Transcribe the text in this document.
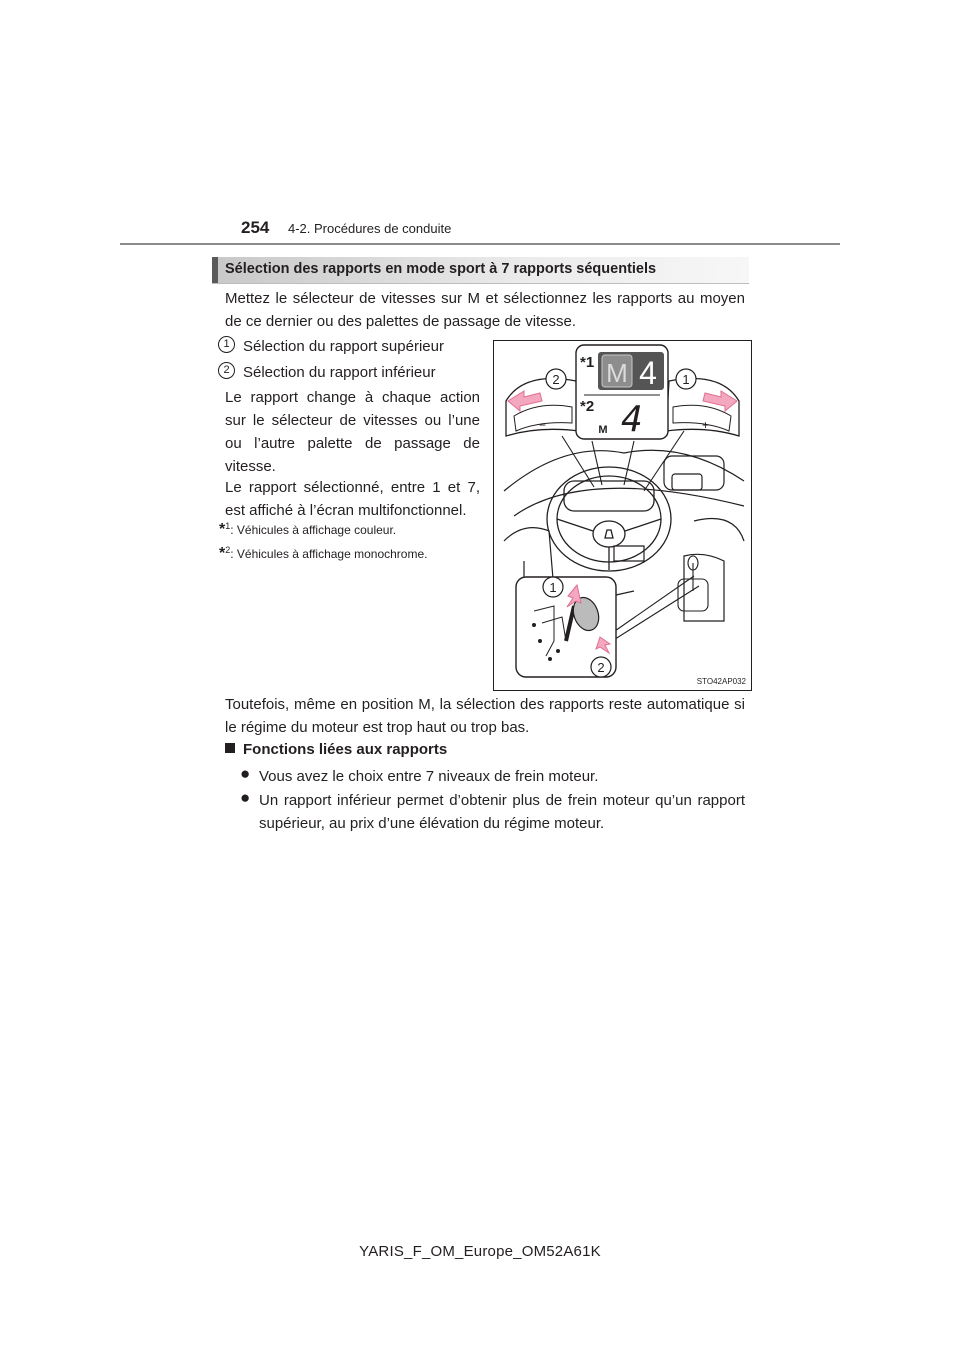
254 4-2. Procédures de conduite
Sélection des rapports en mode sport à 7 rapports séquentiels
Mettez le sélecteur de vitesses sur M et sélectionnez les rapports au moyen de ce dernier ou des palettes de passage de vitesse.
1 Sélection du rapport supérieur
2 Sélection du rapport inférieur
Le rapport change à chaque action sur le sélecteur de vitesses ou l’une ou l’autre palette de passage de vitesse.
Le rapport sélectionné, entre 1 et 7, est affiché à l’écran multifonctionnel.
*$^1$: Véhicules à affichage couleur.
*$^2$: Véhicules à affichage monochrome.
−
2
+
1
*1 M 4
*2 4
M
1
2
STO42AP032
Toutefois, même en position M, la sélection des rapports reste automatique si le régime du moteur est trop haut ou trop bas.
Fonctions liées aux rapports
● Vous avez le choix entre 7 niveaux de frein moteur.
● Un rapport inférieur permet d’obtenir plus de frein moteur qu’un rapport supérieur, au prix d’une élévation du régime moteur.
YARIS_F_OM_Europe_OM52A61K
